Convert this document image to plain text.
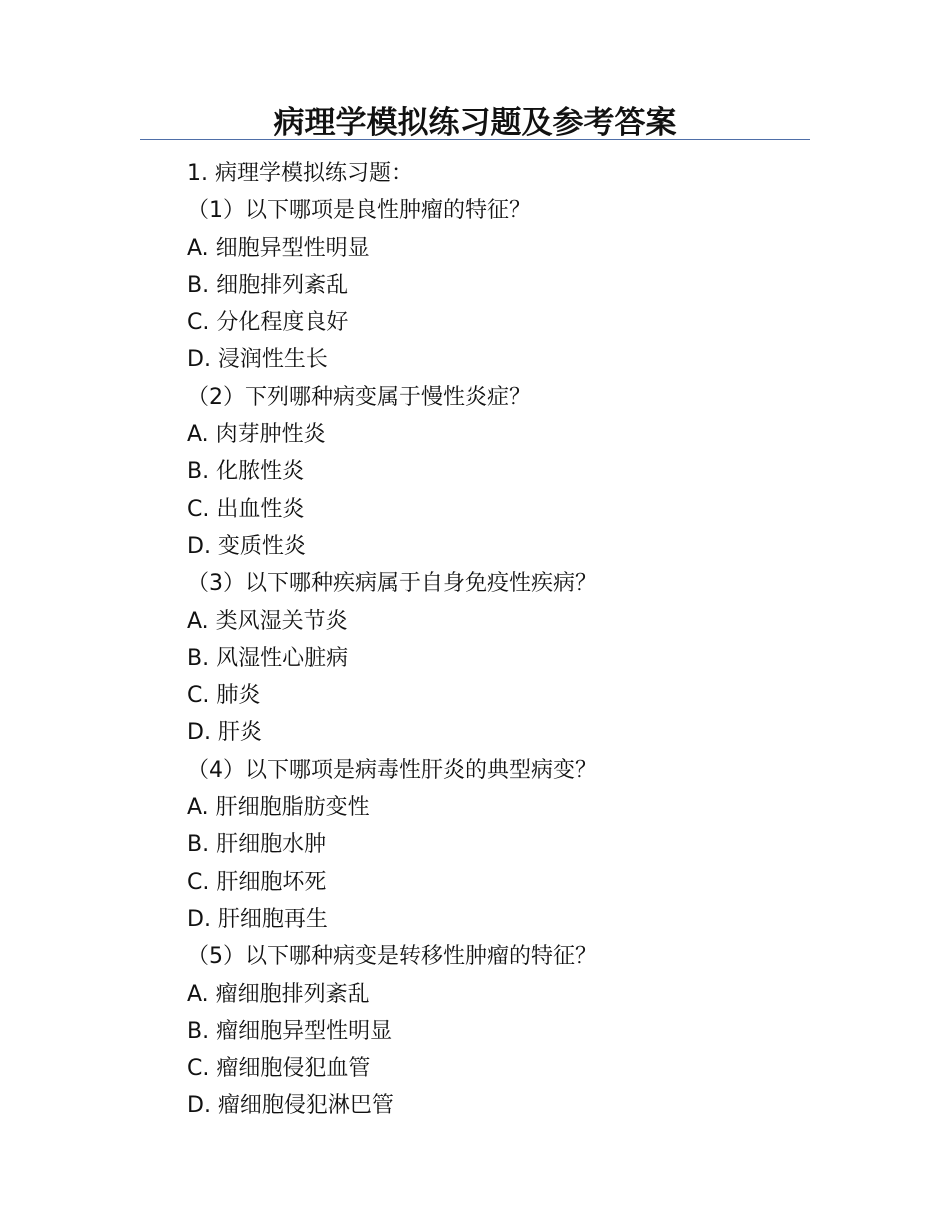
病理学模拟练习题及参考答案
1. 病理学模拟练习题：
（1）以下哪项是良性肿瘤的特征？
A. 细胞异型性明显
B. 细胞排列紊乱
C. 分化程度良好
D. 浸润性生长
（2）下列哪种病变属于慢性炎症？
A. 肉芽肿性炎
B. 化脓性炎
C. 出血性炎
D. 变质性炎
（3）以下哪种疾病属于自身免疫性疾病？
A. 类风湿关节炎
B. 风湿性心脏病
C. 肺炎
D. 肝炎
（4）以下哪项是病毒性肝炎的典型病变？
A. 肝细胞脂肪变性
B. 肝细胞水肿
C. 肝细胞坏死
D. 肝细胞再生
（5）以下哪种病变是转移性肿瘤的特征？
A. 瘤细胞排列紊乱
B. 瘤细胞异型性明显
C. 瘤细胞侵犯血管
D. 瘤细胞侵犯淋巴管
